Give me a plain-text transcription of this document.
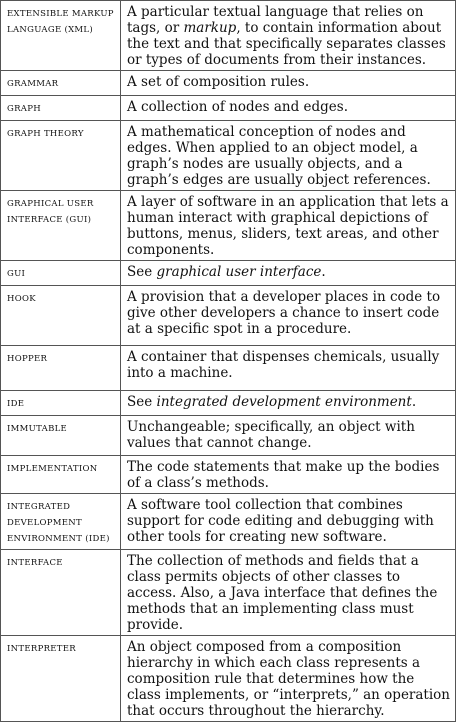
EXTENSIBLE MARKUP LANGUAGE (XML)	A particular textual language that relies on tags, or markup, to contain information about the text and that specifically separates classes or types of documents from their instances.
GRAMMAR	A set of composition rules.
GRAPH	A collection of nodes and edges.
GRAPH THEORY	A mathematical conception of nodes and edges. When applied to an object model, a graph’s nodes are usually objects, and a graph’s edges are usually object references.
GRAPHICAL USER INTERFACE (GUI)	A layer of software in an application that lets a human interact with graphical depictions of buttons, menus, sliders, text areas, and other components.
GUI	See graphical user interface.
HOOK	A provision that a developer places in code to give other developers a chance to insert code at a specific spot in a procedure.
HOPPER	A container that dispenses chemicals, usually into a machine.
IDE	See integrated development environment.
IMMUTABLE	Unchangeable; specifically, an object with values that cannot change.
IMPLEMENTATION	The code statements that make up the bodies of a class’s methods.
INTEGRATED DEVELOPMENT ENVIRONMENT (IDE)	A software tool collection that combines support for code editing and debugging with other tools for creating new software.
INTERFACE	The collection of methods and fields that a class permits objects of other classes to access. Also, a Java interface that defines the methods that an implementing class must provide.
INTERPRETER	An object composed from a composition hierarchy in which each class represents a composition rule that determines how the class implements, or “interprets,” an operation that occurs throughout the hierarchy.
